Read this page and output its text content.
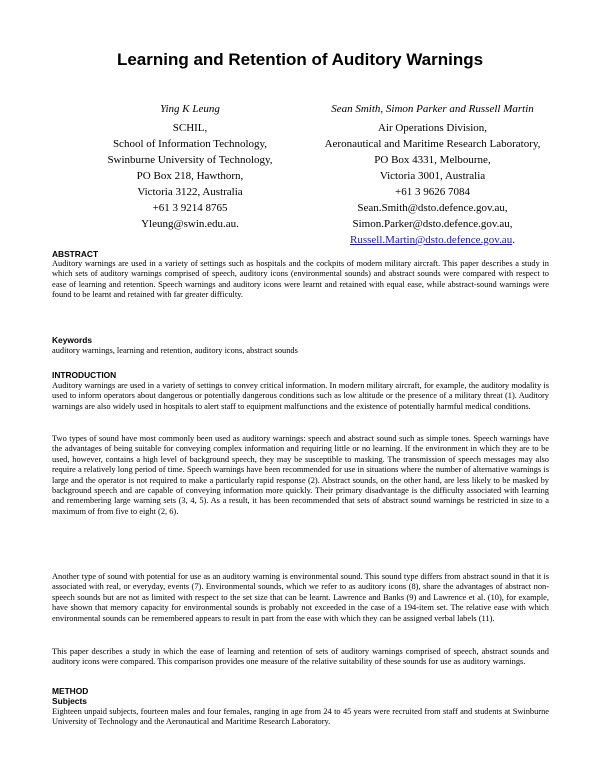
Learning and Retention of Auditory Warnings
Ying K Leung
SCHIL,
School of Information Technology,
Swinburne University of Technology,
PO Box 218, Hawthorn,
Victoria 3122, Australia
+61 3 9214 8765
Yleung@swin.edu.au.
Sean Smith, Simon Parker and Russell Martin
Air Operations Division,
Aeronautical and Maritime Research Laboratory,
PO Box 4331, Melbourne,
Victoria 3001, Australia
+61 3 9626 7084
Sean.Smith@dsto.defence.gov.au,
Simon.Parker@dsto.defence.gov.au,
Russell.Martin@dsto.defence.gov.au.
ABSTRACT
Auditory warnings are used in a variety of settings such as hospitals and the cockpits of modern military aircraft. This paper describes a study in which sets of auditory warnings comprised of speech, auditory icons (environmental sounds) and abstract sounds were compared with respect to ease of learning and retention. Speech warnings and auditory icons were learnt and retained with equal ease, while abstract-sound warnings were found to be learnt and retained with far greater difficulty.
Keywords
auditory warnings, learning and retention, auditory icons, abstract sounds
INTRODUCTION
Auditory warnings are used in a variety of settings to convey critical information. In modern military aircraft, for example, the auditory modality is used to inform operators about dangerous or potentially dangerous conditions such as low altitude or the presence of a military threat (1). Auditory warnings are also widely used in hospitals to alert staff to equipment malfunctions and the existence of potentially harmful medical conditions.
Two types of sound have most commonly been used as auditory warnings: speech and abstract sound such as simple tones. Speech warnings have the advantages of being suitable for conveying complex information and requiring little or no learning. If the environment in which they are to be used, however, contains a high level of background speech, they may be susceptible to masking. The transmission of speech messages may also require a relatively long period of time. Speech warnings have been recommended for use in situations where the number of alternative warnings is large and the operator is not required to make a particularly rapid response (2). Abstract sounds, on the other hand, are less likely to be masked by background speech and are capable of conveying information more quickly. Their primary disadvantage is the difficulty associated with learning and remembering large warning sets (3, 4, 5). As a result, it has been recommended that sets of abstract sound warnings be restricted in size to a maximum of from five to eight (2, 6).
Another type of sound with potential for use as an auditory warning is environmental sound. This sound type differs from abstract sound in that it is associated with real, or everyday, events (7). Environmental sounds, which we refer to as auditory icons (8), share the advantages of abstract non-speech sounds but are not as limited with respect to the set size that can be learnt. Lawrence and Banks (9) and Lawrence et al. (10), for example, have shown that memory capacity for environmental sounds is probably not exceeded in the case of a 194-item set. The relative ease with which environmental sounds can be remembered appears to result in part from the ease with which they can be assigned verbal labels (11).
This paper describes a study in which the ease of learning and retention of sets of auditory warnings comprised of speech, abstract sounds and auditory icons were compared. This comparison provides one measure of the relative suitability of these sounds for use as auditory warnings.
METHOD
Subjects
Eighteen unpaid subjects, fourteen males and four females, ranging in age from 24 to 45 years were recruited from staff and students at Swinburne University of Technology and the Aeronautical and Maritime Research Laboratory.
